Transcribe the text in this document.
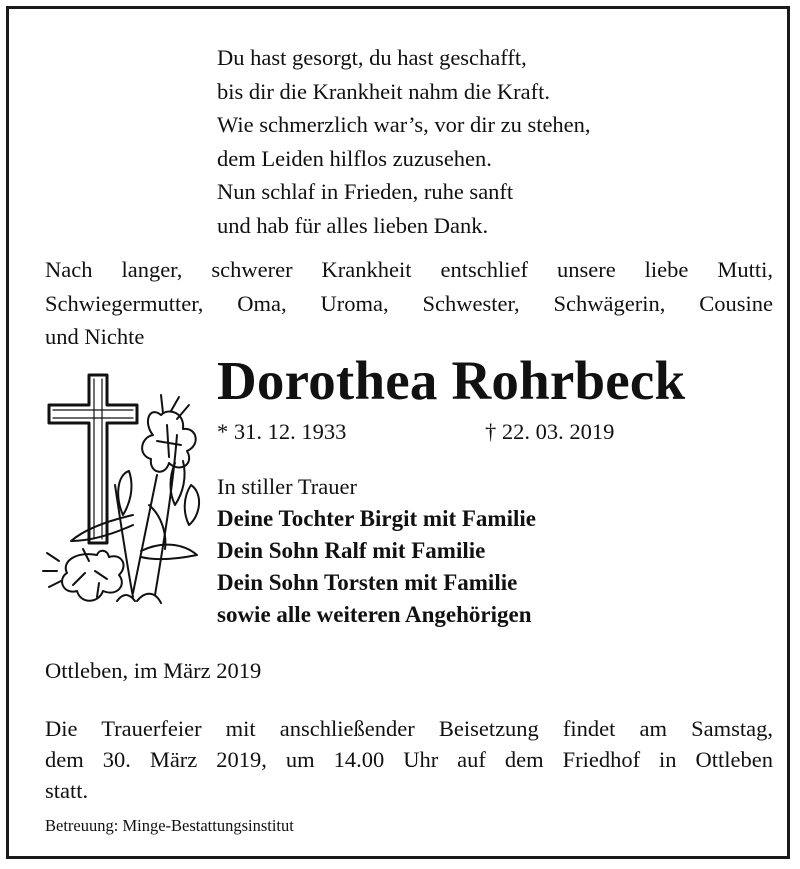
Du hast gesorgt, du hast geschafft,
bis dir die Krankheit nahm die Kraft.
Wie schmerzlich war’s, vor dir zu stehen,
dem Leiden hilflos zuzusehen.
Nun schlaf in Frieden, ruhe sanft
und hab für alles lieben Dank.
Nach langer, schwerer Krankheit entschlief unsere liebe Mutti,
Schwiegermutter, Oma, Uroma, Schwester, Schwägerin, Cousine
und Nichte
Dorothea Rohrbeck
* 31. 12. 1933	† 22. 03. 2019
In stiller Trauer
Deine Tochter Birgit mit Familie
Dein Sohn Ralf mit Familie
Dein Sohn Torsten mit Familie
sowie alle weiteren Angehörigen
Ottleben, im März 2019
Die Trauerfeier mit anschließender Beisetzung findet am Samstag,
dem 30. März 2019, um 14.00 Uhr auf dem Friedhof in Ottleben
statt.
Betreuung: Minge-Bestattungsinstitut
